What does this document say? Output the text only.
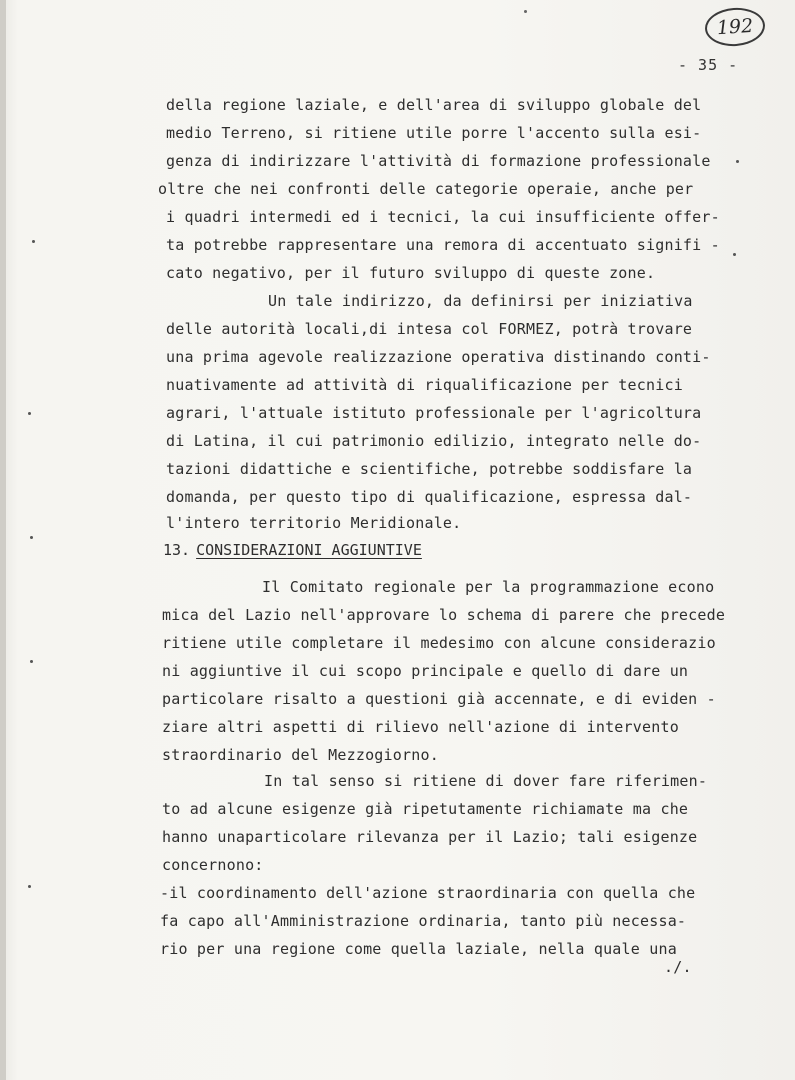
192
- 35 -
della regione laziale, e dell'area di sviluppo globale del
medio Terreno, si ritiene utile porre l'accento sulla esi-
genza di indirizzare l'attività di formazione professionale
oltre che nei confronti delle categorie operaie, anche per
i quadri intermedi ed i tecnici, la cui insufficiente offer-
ta potrebbe rappresentare una remora di accentuato signifi -
cato negativo, per il futuro sviluppo di queste zone.
Un tale indirizzo, da definirsi per iniziativa
delle autorità locali,di intesa col FORMEZ, potrà trovare
una prima agevole realizzazione operativa distinando conti-
nuativamente ad attività di riqualificazione per tecnici
agrari, l'attuale istituto professionale per l'agricoltura
di Latina, il cui patrimonio edilizio, integrato nelle do-
tazioni didattiche e scientifiche, potrebbe soddisfare la
domanda, per questo tipo di qualificazione, espressa dal-
l'intero territorio Meridionale.
13. CONSIDERAZIONI AGGIUNTIVE
Il Comitato regionale per la programmazione econo
mica del Lazio nell'approvare lo schema di parere che precede
ritiene utile completare il medesimo con alcune considerazio
ni aggiuntive il cui scopo principale e quello di dare un
particolare risalto a questioni già accennate, e di eviden -
ziare altri aspetti di rilievo nell'azione di intervento
straordinario del Mezzogiorno.
In tal senso si ritiene di dover fare riferimen-
to ad alcune esigenze già ripetutamente richiamate ma che
hanno unaparticolare rilevanza per il Lazio; tali esigenze
concernono:
-il coordinamento dell'azione straordinaria con quella che
fa capo all'Amministrazione ordinaria, tanto più necessa-
rio per una regione come quella laziale, nella quale una
./.
